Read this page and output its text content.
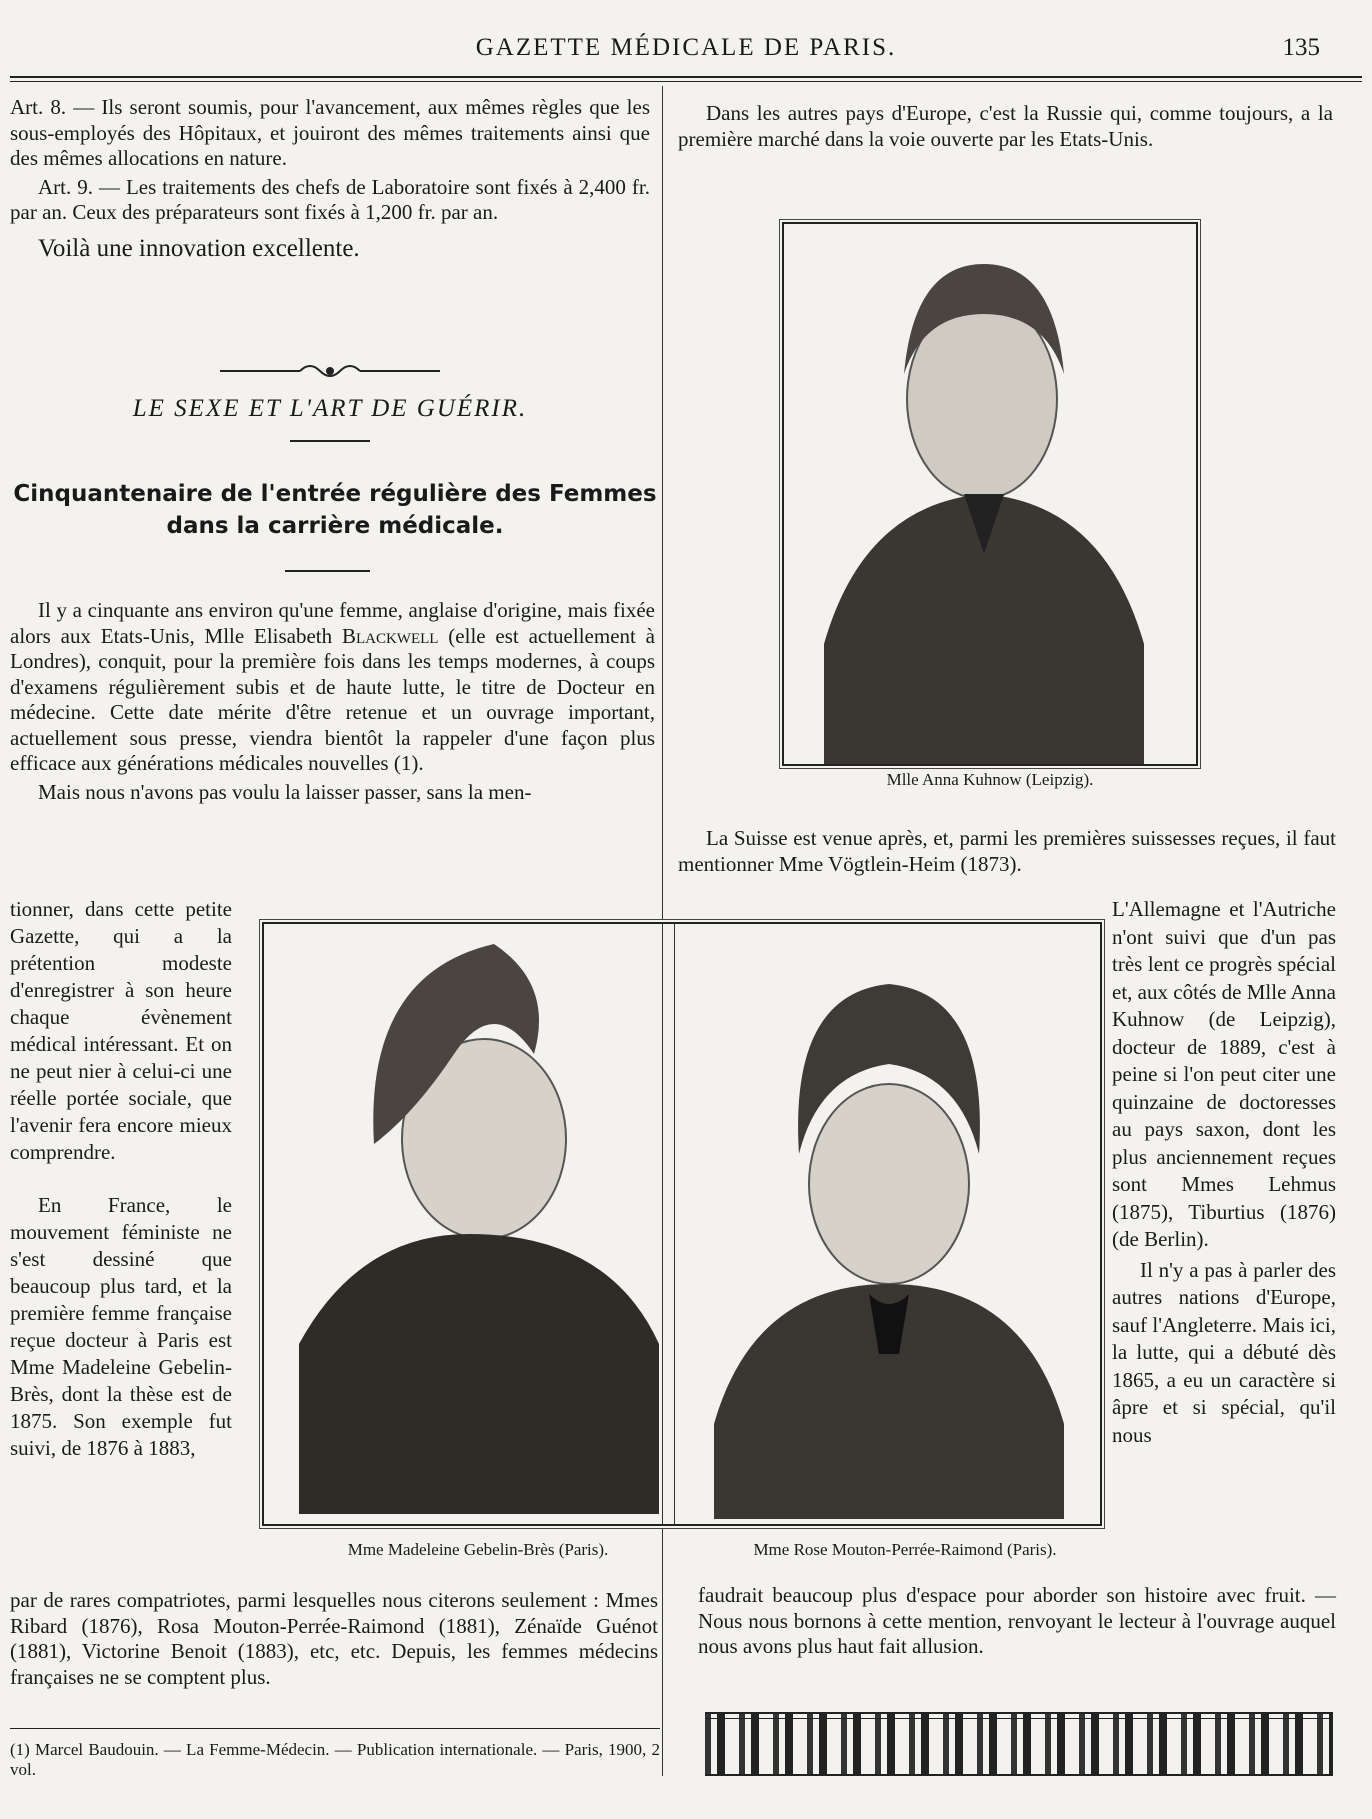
GAZETTE MÉDICALE DE PARIS.	135

Art. 8. — Ils seront soumis, pour l'avancement, aux mêmes règles que les sous-employés des Hôpitaux, et jouiront des mêmes traitements ainsi que des mêmes allocations en nature.

Art. 9. — Les traitements des chefs de Laboratoire sont fixés à 2,400 fr. par an. Ceux des préparateurs sont fixés à 1,200 fr. par an.

Voilà une innovation excellente.

LE SEXE ET L'ART DE GUÉRIR.
Cinquantenaire de l'entrée régulière des Femmes
dans la carrière médicale.

Il y a cinquante ans environ qu'une femme, anglaise d'origine, mais fixée alors aux Etats-Unis, Mlle Elisabeth Blackwell (elle est actuellement à Londres), conquit, pour la première fois dans les temps modernes, à coups d'examens régulièrement subis et de haute lutte, le titre de Docteur en médecine. Cette date mérite d'être retenue et un ouvrage important, actuellement sous presse, viendra bientôt la rappeler d'une façon plus efficace aux générations médicales nouvelles (1).

Mais nous n'avons pas voulu la laisser passer, sans la men-

tionner, dans cette petite Gazette, qui a la prétention modeste d'enregistrer à son heure chaque évènement médical intéressant. Et on ne peut nier à celui-ci une réelle portée sociale, que l'avenir fera encore mieux comprendre.

En France, le mouvement féministe ne s'est dessiné que beaucoup plus tard, et la première femme française reçue docteur à Paris est Mme Madeleine Gebelin-Brès, dont la thèse est de 1875. Son exemple fut suivi, de 1876 à 1883,

L'Allemagne et l'Autriche n'ont suivi que d'un pas très lent ce progrès spécial et, aux côtés de Mlle Anna Kuhnow (de Leipzig), docteur de 1889, c'est à peine si l'on peut citer une quinzaine de doctoresses au pays saxon, dont les plus anciennement reçues sont Mmes Lehmus (1875), Tiburtius (1876) (de Berlin).

Il n'y a pas à parler des autres nations d'Europe, sauf l'Angleterre. Mais ici, la lutte, qui a débuté dès 1865, a eu un caractère si âpre et si spécial, qu'il nous

par de rares compatriotes, parmi lesquelles nous citerons seulement : Mmes Ribard (1876), Rosa Mouton-Perrée-Raimond (1881), Zénaïde Guénot (1881), Victorine Benoit (1883), etc, etc. Depuis, les femmes médecins françaises ne se comptent plus.

(1) Marcel Baudouin. — La Femme-Médecin. — Publication internationale. — Paris, 1900, 2 vol.

Dans les autres pays d'Europe, c'est la Russie qui, comme toujours, a la première marché dans la voie ouverte par les Etats-Unis.

Mlle Anna Kuhnow (Leipzig).

La Suisse est venue après, et, parmi les premières suissesses reçues, il faut mentionner Mme Vögtlein-Heim (1873).

Mme Madeleine Gebelin-Brès (Paris).	Mme Rose Mouton-Perrée-Raimond (Paris).

faudrait beaucoup plus d'espace pour aborder son histoire avec fruit. — Nous nous bornons à cette mention, renvoyant le lecteur à l'ouvrage auquel nous avons plus haut fait allusion.
